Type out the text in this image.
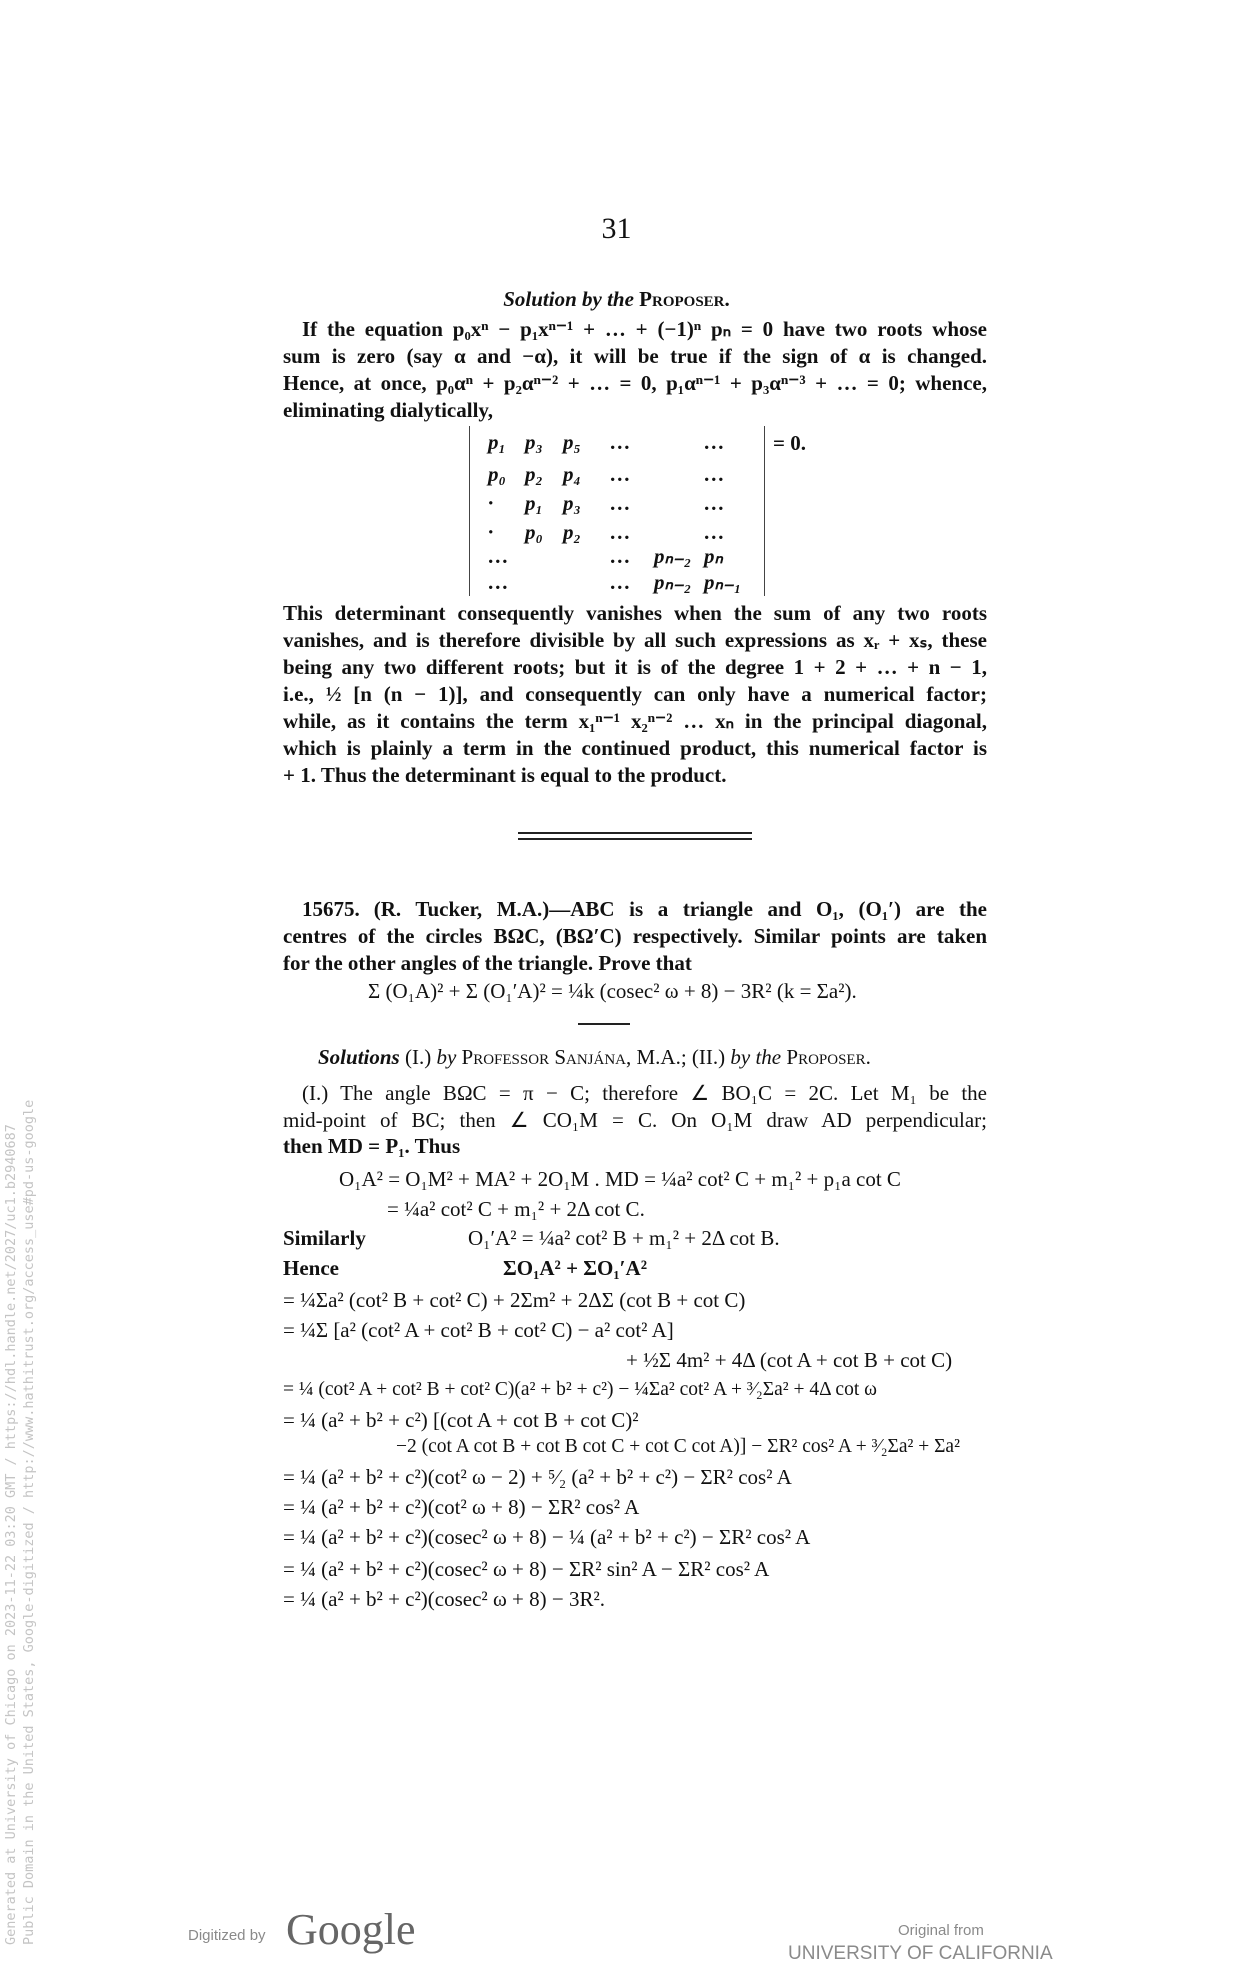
31
Solution by the Proposer.
If the equation p₀xⁿ − p₁xⁿ⁻¹ + … + (−1)ⁿ pₙ = 0 have two roots whose
sum is zero (say α and −α), it will be true if the sign of α is changed.
Hence, at once, p₀αⁿ + p₂αⁿ⁻² + … = 0, p₁αⁿ⁻¹ + p₃αⁿ⁻³ + … = 0; whence,
eliminating dialytically,
p₁ p₃ p₅ …	…
p₀ p₂ p₄ …	…
· p₁ p₃ …	…
· p₀ p₂ …	…
…	… pₙ₋₂ pₙ
…	… pₙ₋₂ pₙ₋₁
= 0.
This determinant consequently vanishes when the sum of any two roots
vanishes, and is therefore divisible by all such expressions as xᵣ + xₛ, these
being any two different roots; but it is of the degree 1 + 2 + … + n − 1,
i.e., ½ [n (n − 1)], and consequently can only have a numerical factor;
while, as it contains the term x₁ⁿ⁻¹ x₂ⁿ⁻² … xₙ in the principal diagonal,
which is plainly a term in the continued product, this numerical factor is
+ 1. Thus the determinant is equal to the product.
15675. (R. Tucker, M.A.)—ABC is a triangle and O₁, (O₁′) are the
centres of the circles BΩC, (BΩ′C) respectively. Similar points are taken
for the other angles of the triangle. Prove that
Σ (O₁A)² + Σ (O₁′A)² = ¼k (cosec² ω + 8) − 3R² (k = Σa²).
Solutions (I.) by Professor Sanjána, M.A.; (II.) by the Proposer.
(I.) The angle BΩC = π − C; therefore ∠ BO₁C = 2C. Let M₁ be the
mid-point of BC; then ∠ CO₁M = C. On O₁M draw AD perpendicular;
then MD = P₁. Thus
O₁A² = O₁M² + MA² + 2O₁M . MD = ¼a² cot² C + m₁² + p₁a cot C
= ¼a² cot² C + m₁² + 2Δ cot C.
Similarly	O₁′A² = ¼a² cot² B + m₁² + 2Δ cot B.
Hence	ΣO₁A² + ΣO₁′A²
= ¼Σa² (cot² B + cot² C) + 2Σm² + 2ΔΣ (cot B + cot C)
= ¼Σ [a² (cot² A + cot² B + cot² C) − a² cot² A]
+ ½Σ 4m² + 4Δ (cot A + cot B + cot C)
= ¼ (cot² A + cot² B + cot² C)(a² + b² + c²) − ¼Σa² cot² A + ³⁄₂Σa² + 4Δ cot ω
= ¼ (a² + b² + c²) [(cot A + cot B + cot C)²
−2 (cot A cot B + cot B cot C + cot C cot A)] − ΣR² cos² A + ³⁄₂Σa² + Σa²
= ¼ (a² + b² + c²)(cot² ω − 2) + ⁵⁄₂ (a² + b² + c²) − ΣR² cos² A
= ¼ (a² + b² + c²)(cot² ω + 8) − ΣR² cos² A
= ¼ (a² + b² + c²)(cosec² ω + 8) − ¼ (a² + b² + c²) − ΣR² cos² A
= ¼ (a² + b² + c²)(cosec² ω + 8) − ΣR² sin² A − ΣR² cos² A
= ¼ (a² + b² + c²)(cosec² ω + 8) − 3R².
Generated at University of Chicago on 2023-11-22 03:20 GMT / https://hdl.handle.net/2027/uc1.b2940687 Public Domain in the United States, Google-digitized / http://www.hathitrust.org/access_use#pd-us-google	Digitized by Google	Original from
UNIVERSITY OF CALIFORNIA
